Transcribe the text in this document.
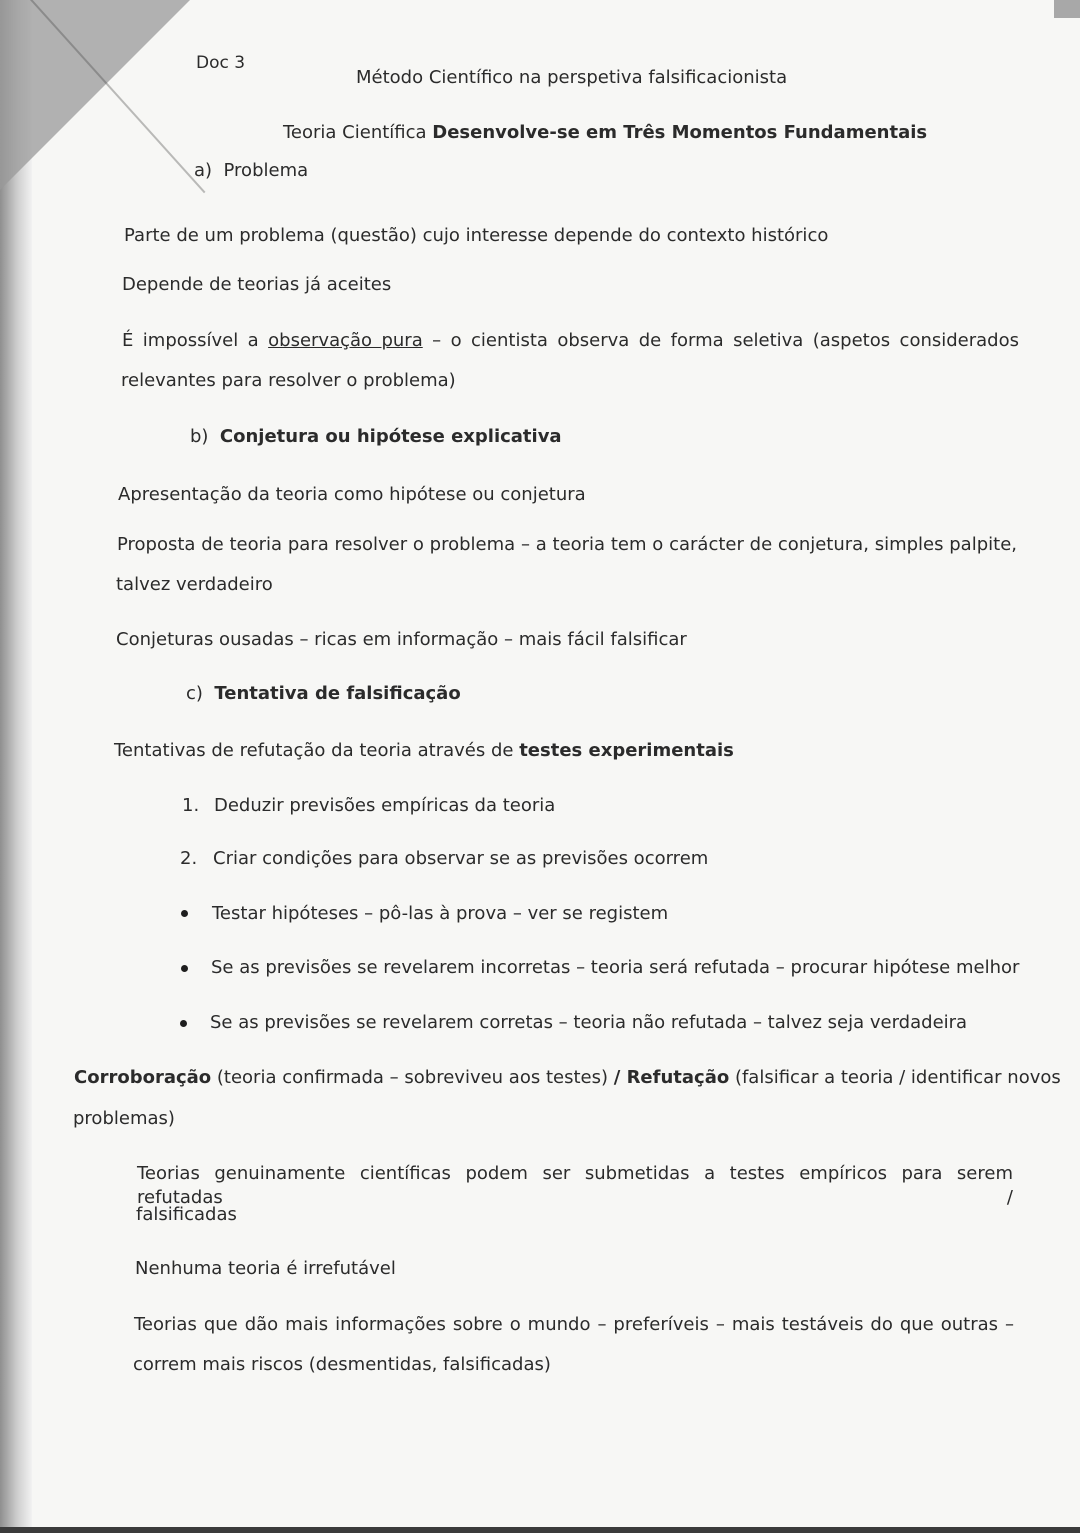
Doc 3
Método Científico na perspetiva falsificacionista
Teoria Científica Desenvolve-se em Três Momentos Fundamentais
a) Problema
Parte de um problema (questão) cujo interesse depende do contexto histórico
Depende de teorias já aceites
É impossível a observação pura – o cientista observa de forma seletiva (aspetos considerados
relevantes para resolver o problema)
b) Conjetura ou hipótese explicativa
Apresentação da teoria como hipótese ou conjetura
Proposta de teoria para resolver o problema – a teoria tem o carácter de conjetura, simples palpite,
talvez verdadeiro
Conjeturas ousadas – ricas em informação – mais fácil falsificar
c) Tentativa de falsificação
Tentativas de refutação da teoria através de testes experimentais
1. Deduzir previsões empíricas da teoria
2. Criar condições para observar se as previsões ocorrem
Testar hipóteses – pô-las à prova – ver se registem
Se as previsões se revelarem incorretas – teoria será refutada – procurar hipótese melhor
Se as previsões se revelarem corretas – teoria não refutada – talvez seja verdadeira
Corroboração (teoria confirmada – sobreviveu aos testes) / Refutação (falsificar a teoria / identificar novos
problemas)
Teorias genuinamente científicas podem ser submetidas a testes empíricos para serem refutadas /
falsificadas
Nenhuma teoria é irrefutável
Teorias que dão mais informações sobre o mundo – preferíveis – mais testáveis do que outras –
correm mais riscos (desmentidas, falsificadas)
